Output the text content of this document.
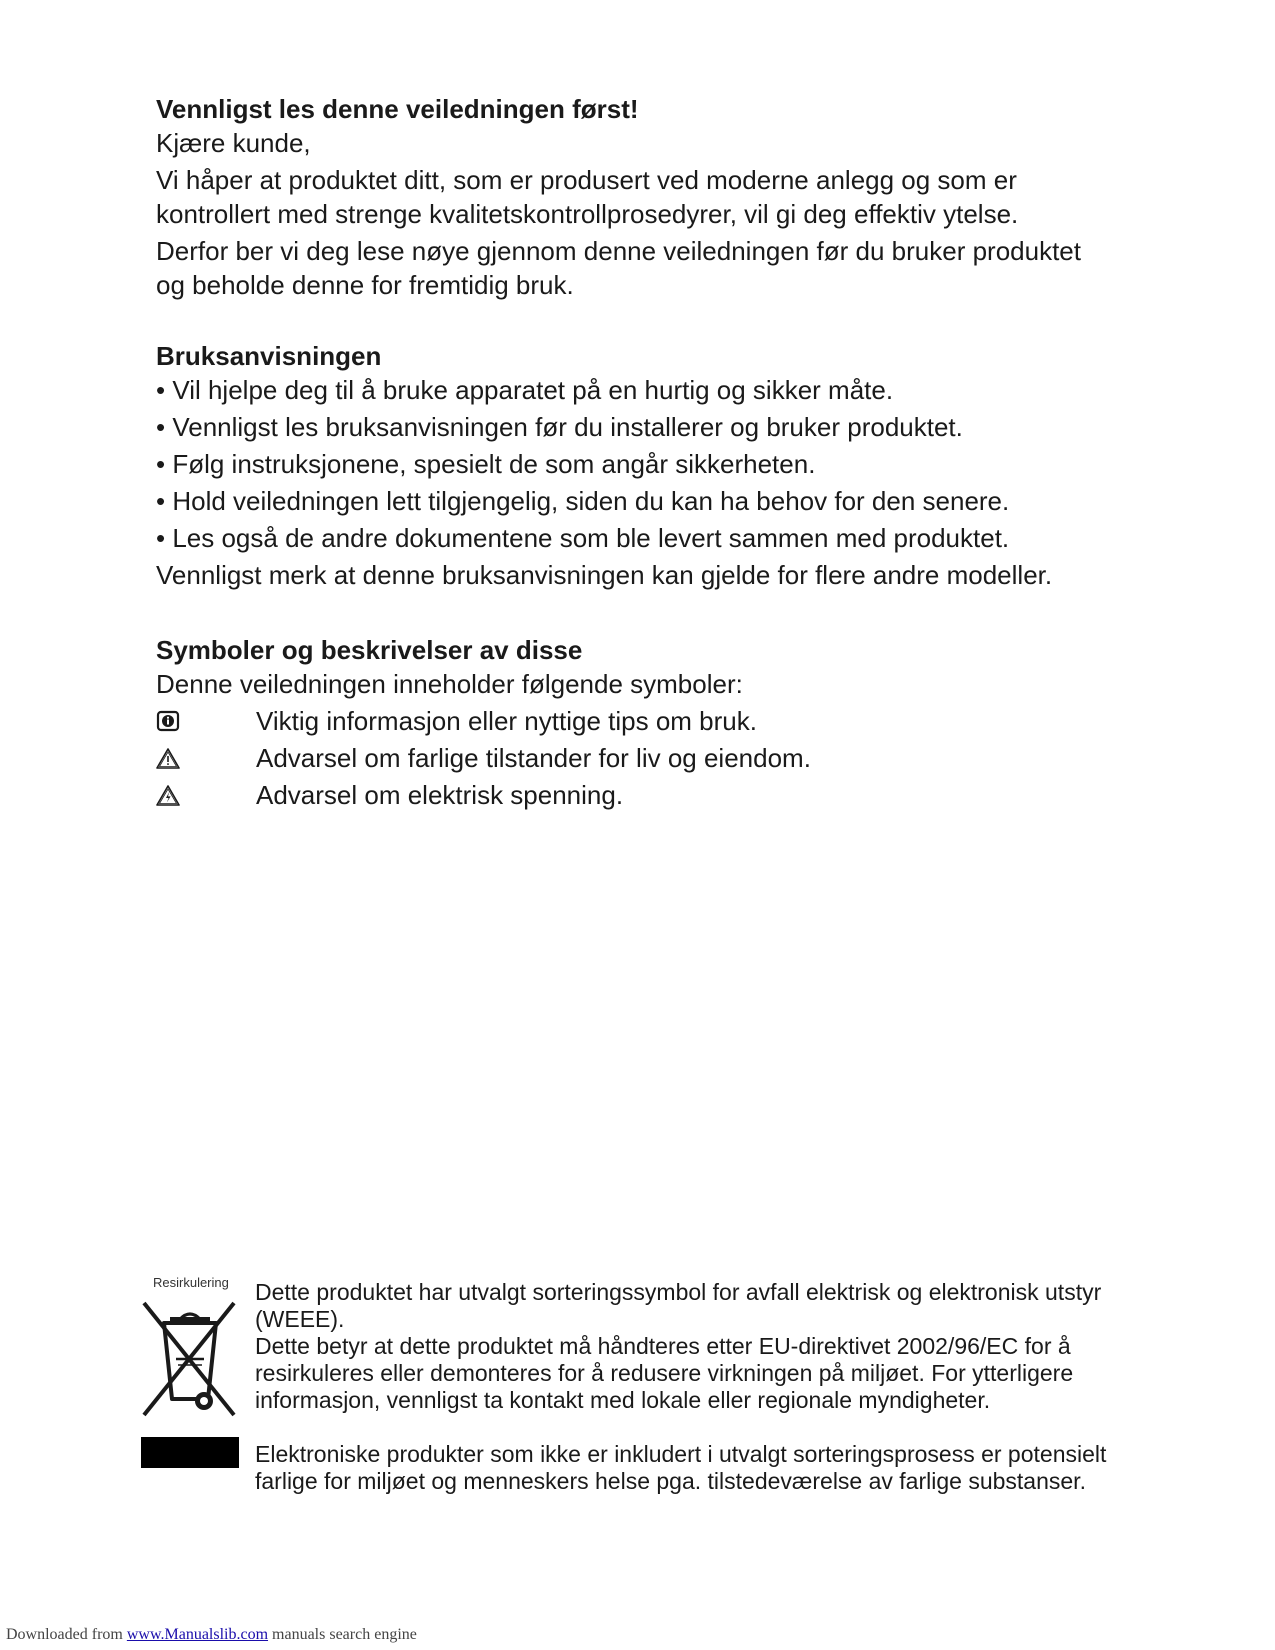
Vennligst les denne veiledningen først!

Kjære kunde,

Vi håper at produktet ditt, som er produsert ved moderne anlegg og som er

kontrollert med strenge kvalitetskontrollprosedyrer, vil gi deg effektiv ytelse.

Derfor ber vi deg lese nøye gjennom denne veiledningen før du bruker produktet

og beholde denne for fremtidig bruk.

Bruksanvisningen

• Vil hjelpe deg til å bruke apparatet på en hurtig og sikker måte.
• Vennligst les bruksanvisningen før du installerer og bruker produktet.
• Følg instruksjonene, spesielt de som angår sikkerheten.
• Hold veiledningen lett tilgjengelig, siden du kan ha behov for den senere.
• Les også de andre dokumentene som ble levert sammen med produktet.

Vennligst merk at denne bruksanvisningen kan gjelde for flere andre modeller.

Symboler og beskrivelser av disse

Denne veiledningen inneholder følgende symboler:

Viktig informasjon eller nyttige tips om bruk.
Advarsel om farlige tilstander for liv og eiendom.
Advarsel om elektrisk spenning.
Resirkulering Dette produktet har utvalgt sorteringssymbol for avfall elektrisk og elektronisk utstyr

(WEEE).

Dette betyr at dette produktet må håndteres etter EU-direktivet 2002/96/EC for å

resirkuleres eller demonteres for å redusere virkningen på miljøet. For ytterligere

informasjon, vennligst ta kontakt med lokale eller regionale myndigheter.

Elektroniske produkter som ikke er inkludert i utvalgt sorteringsprosess er potensielt

farlige for miljøet og menneskers helse pga. tilstedeværelse av farlige substanser.

Downloaded from www.Manualslib.com manuals search engine
